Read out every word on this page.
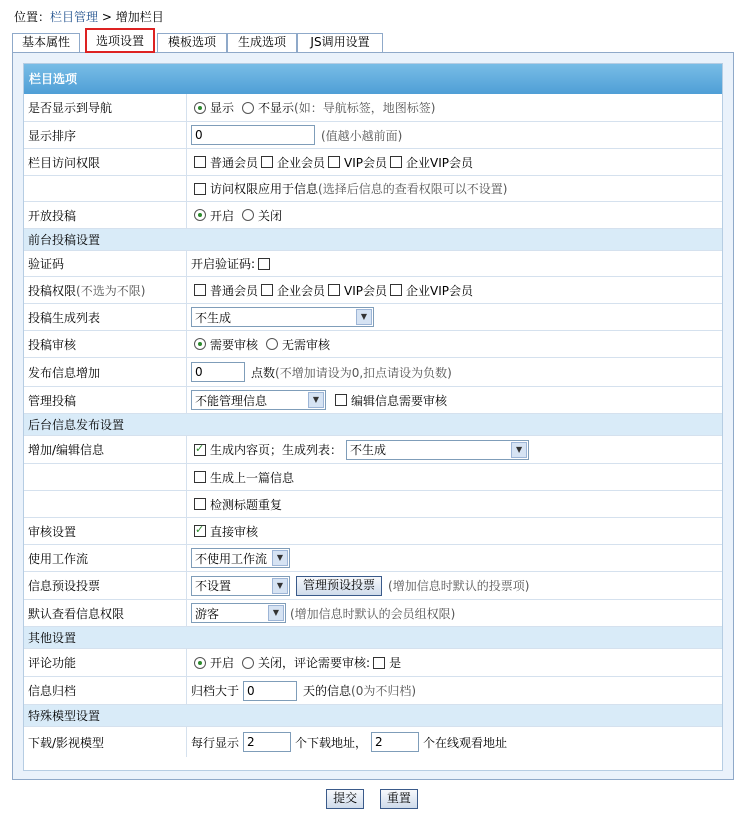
位置：栏目管理 > 增加栏目
基本属性	选项设置	模板选项	生成选项	JS调用设置
栏目选项
是否显示到导航	显示 不显示 (如：导航标签，地图标签)
显示排序	0	(值越小越前面)
栏目访问权限	普通会员 企业会员 VIP会员 企业VIP会员
访问权限应用于信息 (选择后信息的查看权限可以不设置)
开放投稿	开启 关闭
前台投稿设置
验证码	开启验证码:
投稿权限 (不选为不限)	普通会员 企业会员 VIP会员 企业VIP会员
投稿生成列表	不生成	▼
投稿审核	需要审核 无需审核
发布信息增加	0	点数 (不增加请设为0,扣点请设为负数)
管理投稿	不能管理信息	▼	编辑信息需要审核
后台信息发布设置
增加/编辑信息 ✓	生成内容页；生成列表： 不生成	▼
生成上一篇信息
检测标题重复
审核设置 ✓	直接审核
使用工作流	不使用工作流	▼
信息预设投票	不设置	▼	管理预设投票	(增加信息时默认的投票项)
默认查看信息权限	游客	▼ (增加信息时默认的会员组权限)
其他设置
评论功能	开启 关闭，评论需要审核: 是
信息归档	归档大于 0	天的信息 (0为不归档)
特殊模型设置
下载/影视模型	每行显示 2	个下载地址， 2	个在线观看地址
提交 重置
